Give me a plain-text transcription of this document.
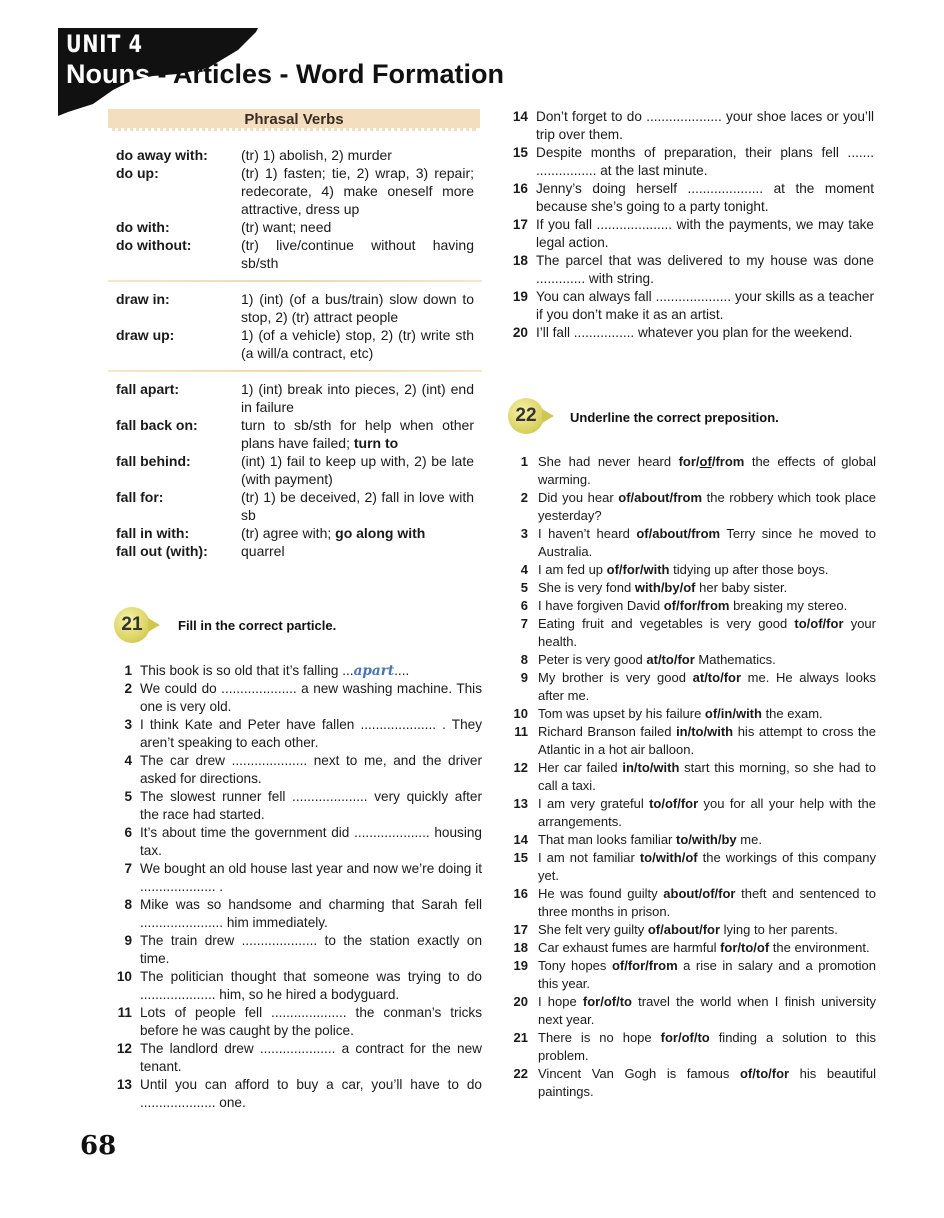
UNIT 4
Nouns - Articles - Word Formation
Phrasal Verbs
do away with:	(tr) 1) abolish, 2) murder
do up:	(tr) 1) fasten; tie, 2) wrap, 3) repair; redecorate, 4) make oneself more attractive, dress up
do with:	(tr) want; need
do without:	(tr) live/continue without having sb/sth
draw in:	1) (int) (of a bus/train) slow down to stop, 2) (tr) attract people
draw up:	1) (of a vehicle) stop, 2) (tr) write sth (a will/a contract, etc)
fall apart:	1) (int) break into pieces, 2) (int) end in failure
fall back on:	turn to sb/sth for help when other plans have failed; turn to
fall behind:	(int) 1) fail to keep up with, 2) be late (with payment)
fall for:	(tr) 1) be deceived, 2) fall in love with sb
fall in with:	(tr) agree with; go along with
fall out (with):	quarrel
21	Fill in the correct particle.
1 This book is so old that it’s falling ...apart....
2 We could do .................... a new washing machine. This one is very old.
3 I think Kate and Peter have fallen .................... . They aren’t speaking to each other.
4 The car drew .................... next to me, and the driver asked for directions.
5 The slowest runner fell .................... very quickly after the race had started.
6 It’s about time the government did .................... housing tax.
7 We bought an old house last year and now we’re doing it .................... .
8 Mike was so handsome and charming that Sarah fell ...................... him immediately.
9 The train drew .................... to the station exactly on time.
10 The politician thought that someone was trying to do .................... him, so he hired a bodyguard.
11 Lots of people fell .................... the conman’s tricks before he was caught by the police.
12 The landlord drew .................... a contract for the new tenant.
13 Until you can afford to buy a car, you’ll have to do .................... one.
14 Don’t forget to do .................... your shoe laces or you’ll trip over them.
15 Despite months of preparation, their plans fell ....... ................ at the last minute.
16 Jenny’s doing herself .................... at the moment because she’s going to a party tonight.
17 If you fall .................... with the payments, we may take legal action.
18 The parcel that was delivered to my house was done ............. with string.
19 You can always fall .................... your skills as a teacher if you don’t make it as an artist.
20 I’ll fall ................ whatever you plan for the weekend.
22	Underline the correct preposition.
1 She had never heard for/of/from the effects of global warming.
2 Did you hear of/about/from the robbery which took place yesterday?
3 I haven’t heard of/about/from Terry since he moved to Australia.
4 I am fed up of/for/with tidying up after those boys.
5 She is very fond with/by/of her baby sister.
6 I have forgiven David of/for/from breaking my stereo.
7 Eating fruit and vegetables is very good to/of/for your health.
8 Peter is very good at/to/for Mathematics.
9 My brother is very good at/to/for me. He always looks after me.
10 Tom was upset by his failure of/in/with the exam.
11 Richard Branson failed in/to/with his attempt to cross the Atlantic in a hot air balloon.
12 Her car failed in/to/with start this morning, so she had to call a taxi.
13 I am very grateful to/of/for you for all your help with the arrangements.
14 That man looks familiar to/with/by me.
15 I am not familiar to/with/of the workings of this company yet.
16 He was found guilty about/of/for theft and sentenced to three months in prison.
17 She felt very guilty of/about/for lying to her parents.
18 Car exhaust fumes are harmful for/to/of the environment.
19 Tony hopes of/for/from a rise in salary and a promotion this year.
20 I hope for/of/to travel the world when I finish university next year.
21 There is no hope for/of/to finding a solution to this problem.
22 Vincent Van Gogh is famous of/to/for his beautiful paintings.
68
